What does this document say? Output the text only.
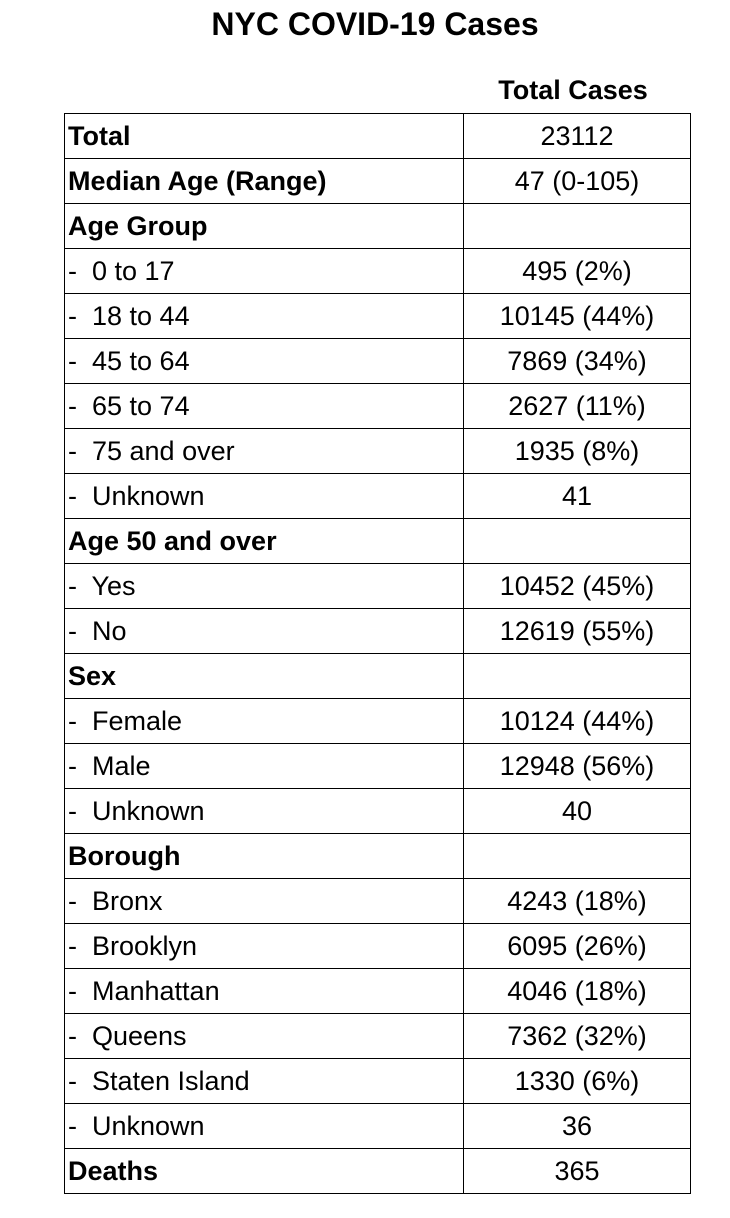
NYC COVID-19 Cases
Total Cases
Total	23112
Median Age (Range)	47 (0-105)
Age Group	
-  0 to 17	495 (2%)
-  18 to 44	10145 (44%)
-  45 to 64	7869 (34%)
-  65 to 74	2627 (11%)
-  75 and over	1935 (8%)
-  Unknown	41
Age 50 and over	
-  Yes	10452 (45%)
-  No	12619 (55%)
Sex	
-  Female	10124 (44%)
-  Male	12948 (56%)
-  Unknown	40
Borough	
-  Bronx	4243 (18%)
-  Brooklyn	6095 (26%)
-  Manhattan	4046 (18%)
-  Queens	7362 (32%)
-  Staten Island	1330 (6%)
-  Unknown	36
Deaths	365
